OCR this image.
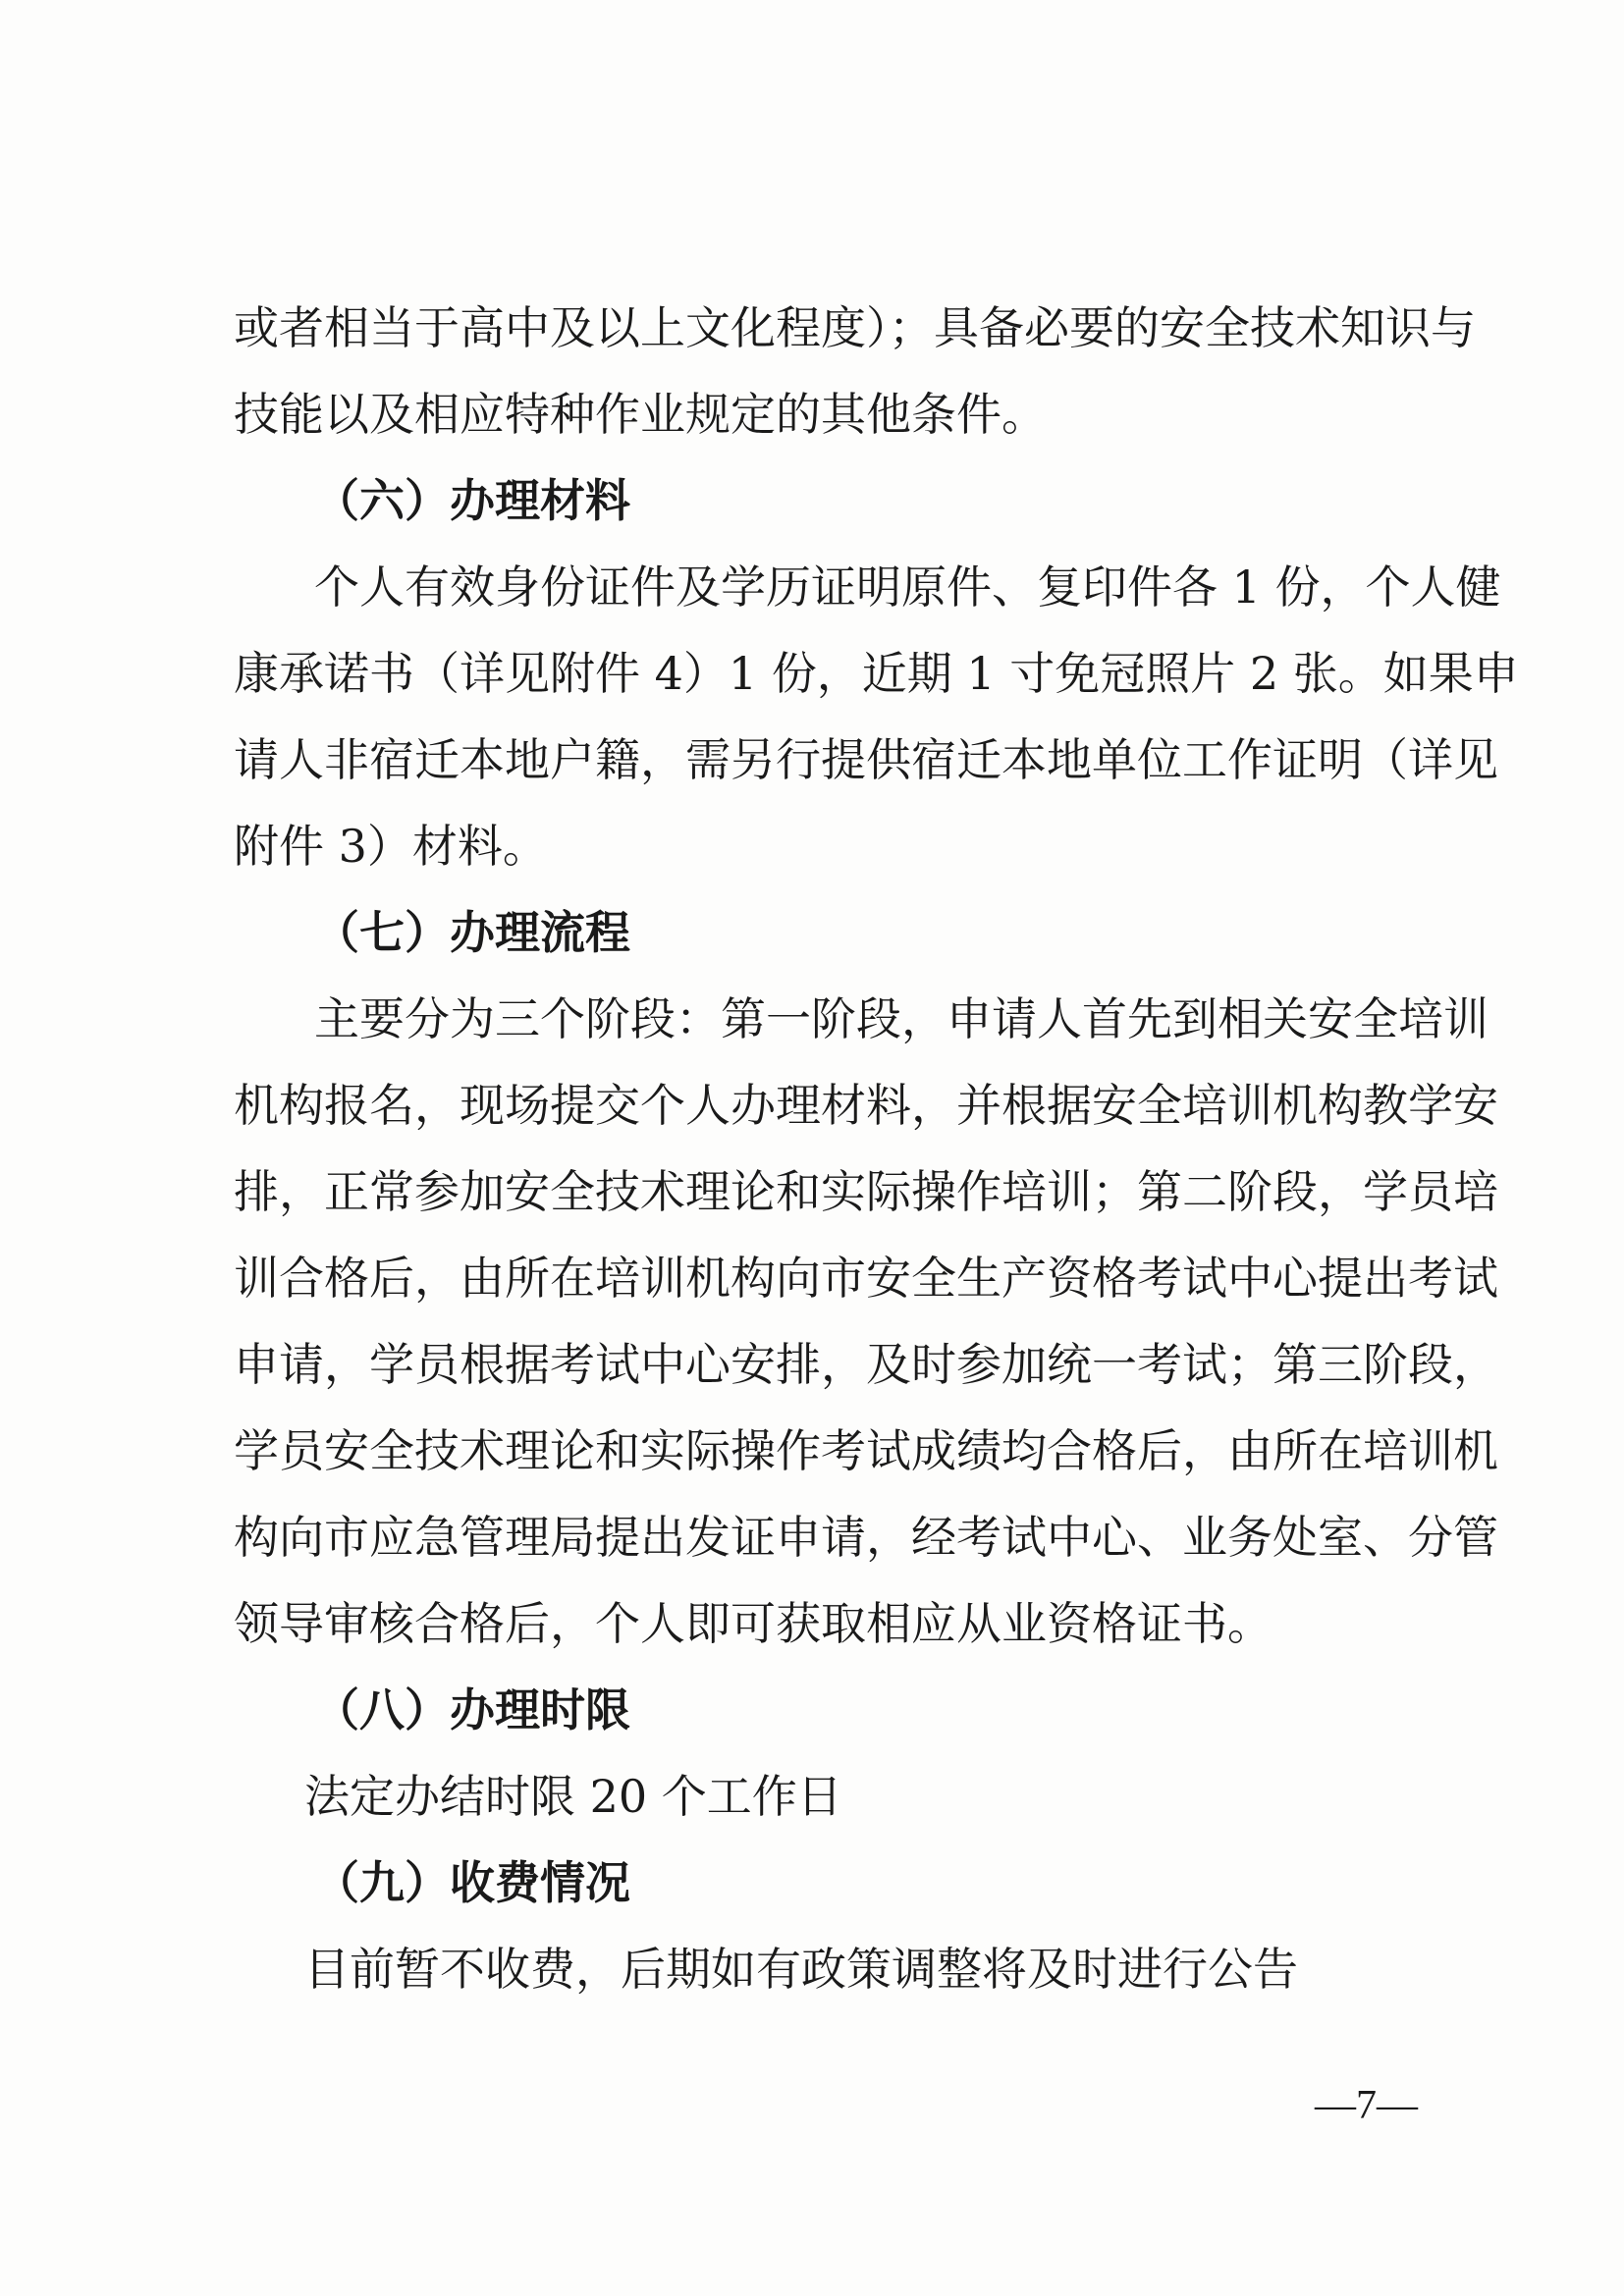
或者相当于高中及以上文化程度）；具备必要的安全技术知识与
技能以及相应特种作业规定的其他条件。
（六）办理材料
个人有效身份证件及学历证明原件、复印件各 1 份，个人健
康承诺书（详见附件 4）1 份，近期 1 寸免冠照片 2 张。如果申
请人非宿迁本地户籍，需另行提供宿迁本地单位工作证明（详见
附件 3）材料。
（七）办理流程
主要分为三个阶段：第一阶段，申请人首先到相关安全培训
机构报名，现场提交个人办理材料，并根据安全培训机构教学安
排，正常参加安全技术理论和实际操作培训；第二阶段，学员培
训合格后，由所在培训机构向市安全生产资格考试中心提出考试
申请，学员根据考试中心安排，及时参加统一考试；第三阶段，
学员安全技术理论和实际操作考试成绩均合格后，由所在培训机
构向市应急管理局提出发证申请，经考试中心、业务处室、分管
领导审核合格后，个人即可获取相应从业资格证书。
（八）办理时限
法定办结时限 20 个工作日
（九）收费情况
目前暂不收费，后期如有政策调整将及时进行公告
—7—
